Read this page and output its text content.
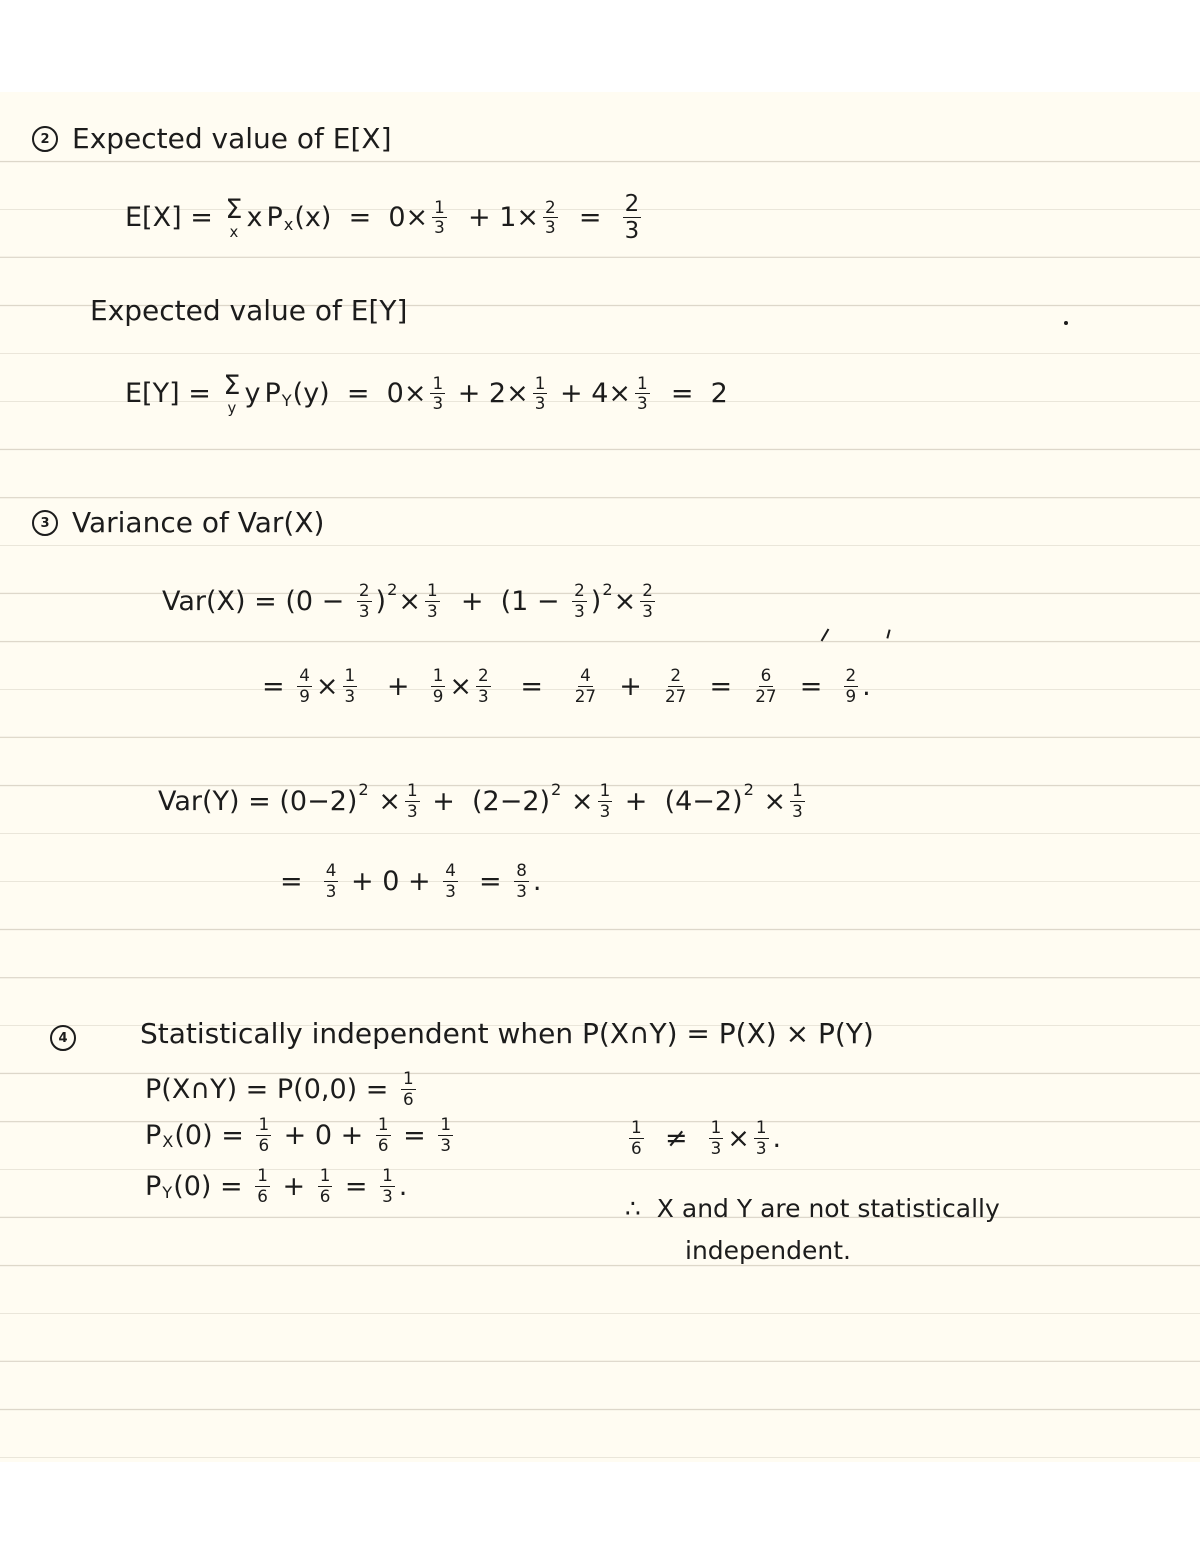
2 Expected value of E[X]
E[X] = Σ
x x P x $(x) = 0\times \frac{1}{3} + 1\times \frac{2}{3} = \frac{2}{3}$
Expected value of E[Y]
E[Y] = Σ
y y P Y $(y) = 0\times \frac{1}{3} + 2\times \frac{1}{3} + 4\times \frac{1}{3} = 2$
3 Variance of Var(X)
$Var(X) = (0 - \frac{2}{3}$ ) $2 \times \frac{1}{3} + (1 - \frac{2}{3}$ ) $2 \times \frac{2}{3}$
= $\frac{4}{9} \times \frac{1}{3} + \frac{1}{9} \times \frac{2}{3} = \frac{4}{27} + \frac{2}{27} = \frac{6}{27} = \frac{2}{9}$ .
Var(Y) = (0−2) $2 \times \frac{1}{3} + (2-2) 2 \times \frac{1}{3} + (4-2) 2 \times \frac{1}{3}$
= $\frac{4}{3} + 0 + \frac{4}{3} = \frac{8}{3}$ .
4	Statistically independent when P(X∩Y) = P(X) × P(Y)
P(X∩Y) = $P(0,0) = \frac{1}{6}$
P X $(0) = \frac{1}{6} + 0 + \frac{1}{6} = \frac{1}{3}$
P Y $(0) = \frac{1}{6} + \frac{1}{6} = \frac{1}{3}$ .
$\frac{1}{6} \ne \frac{1}{3} \times \frac{1}{3}$ .
∴  X and Y are not statistically
independent.
